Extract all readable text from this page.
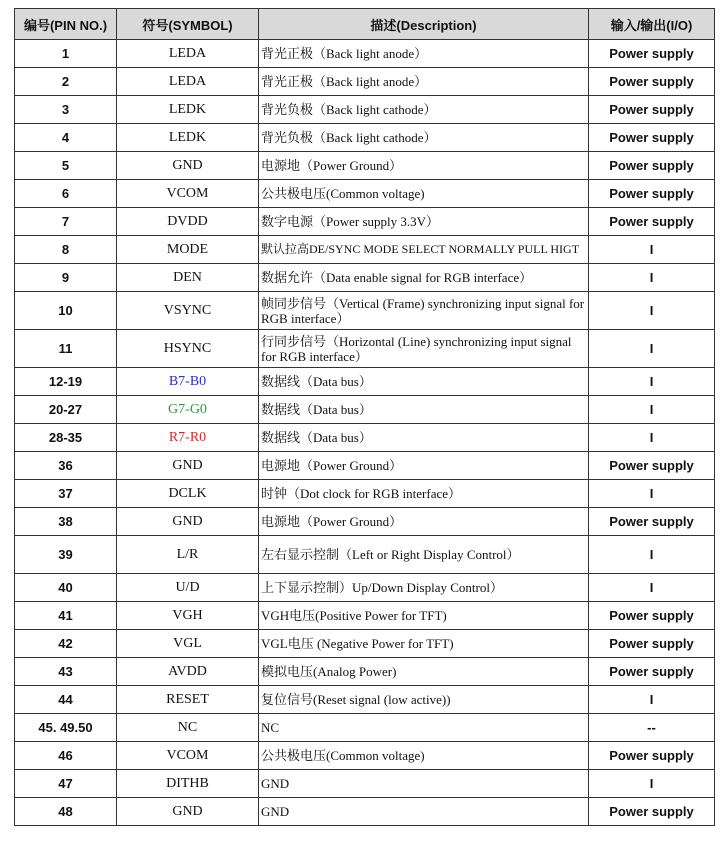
编号(PIN NO.)	符号(SYMBOL)	描述(Description)	输入/输出(I/O)
1	LEDA	背光正极（Back light anode）	Power supply
2	LEDA	背光正极（Back light anode）	Power supply
3	LEDK	背光负极（Back light cathode）	Power supply
4	LEDK	背光负极（Back light cathode）	Power supply
5	GND	电源地（Power Ground）	Power supply
6	VCOM	公共极电压(Common voltage)	Power supply
7	DVDD	数字电源（Power supply 3.3V）	Power supply
8	MODE	默认拉高DE/SYNC MODE SELECT NORMALLY PULL HIGT	I
9	DEN	数据允许（Data enable signal for RGB interface）	I
10	VSYNC	帧同步信号（Vertical (Frame) synchronizing input signal for RGB interface）	I
11	HSYNC	行同步信号（Horizontal (Line) synchronizing input signal for RGB interface）	I
12-19	B7-B0	数据线（Data bus）	I
20-27	G7-G0	数据线（Data bus）	I
28-35	R7-R0	数据线（Data bus）	I
36	GND	电源地（Power Ground）	Power supply
37	DCLK	时钟（Dot clock for RGB interface）	I
38	GND	电源地（Power Ground）	Power supply
39	L/R	左右显示控制（Left or Right Display Control）	I
40	U/D	上下显示控制）Up/Down Display Control）	I
41	VGH	VGH电压(Positive Power for TFT)	Power supply
42	VGL	VGL电压 (Negative Power for TFT)	Power supply
43	AVDD	模拟电压(Analog Power)	Power supply
44	RESET	复位信号(Reset signal (low active))	I
45. 49.50	NC	NC	--
46	VCOM	公共极电压(Common voltage)	Power supply
47	DITHB	GND	I
48	GND	GND	Power supply
